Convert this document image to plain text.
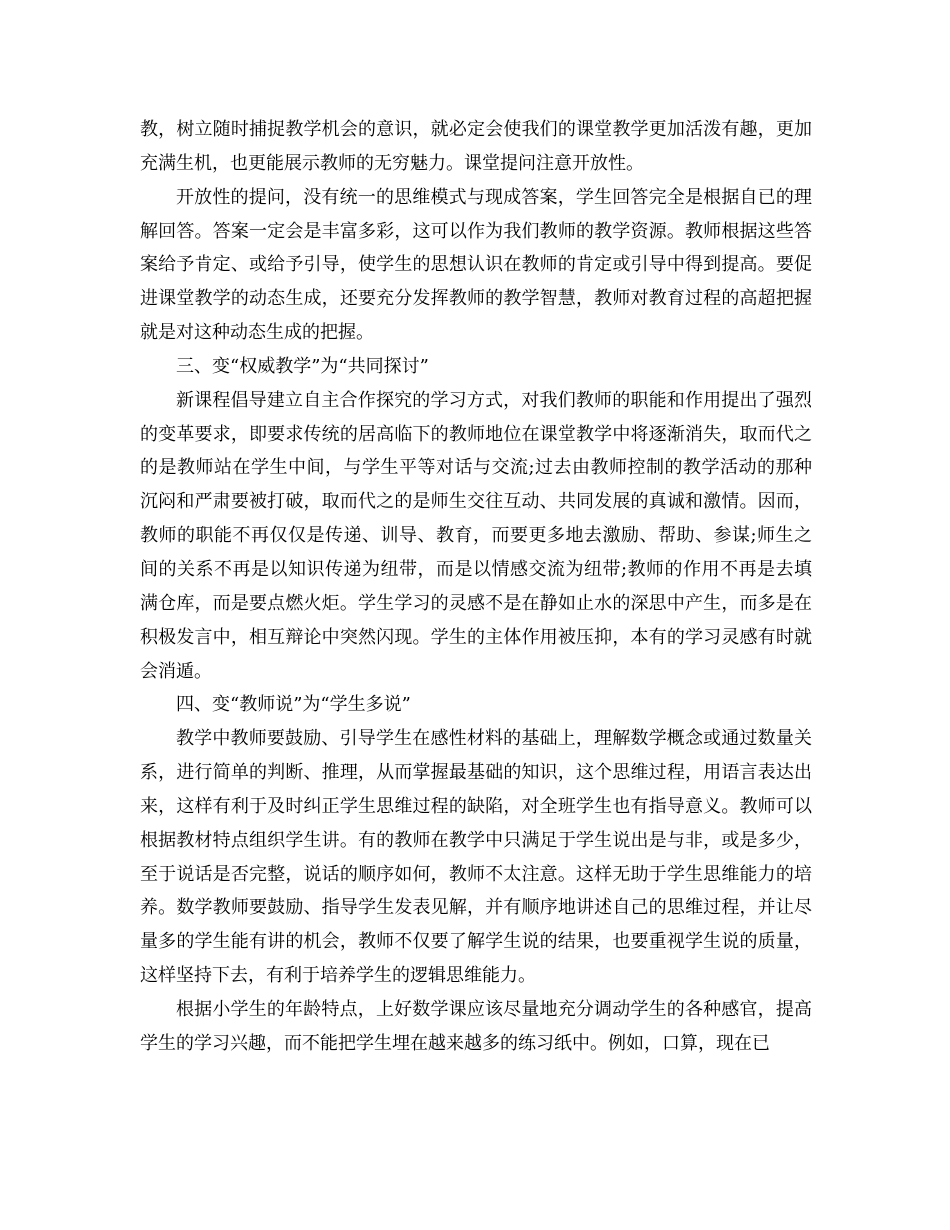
教，树立随时捕捉教学机会的意识，就必定会使我们的课堂教学更加活泼有趣，更加充满生机，也更能展示教师的无穷魅力。课堂提问注意开放性。

开放性的提问，没有统一的思维模式与现成答案，学生回答完全是根据自已的理解回答。答案一定会是丰富多彩，这可以作为我们教师的教学资源。教师根据这些答案给予肯定、或给予引导，使学生的思想认识在教师的肯定或引导中得到提高。要促进课堂教学的动态生成，还要充分发挥教师的教学智慧，教师对教育过程的高超把握就是对这种动态生成的把握。

三、变“权威教学”为“共同探讨”

新课程倡导建立自主合作探究的学习方式，对我们教师的职能和作用提出了强烈的变革要求，即要求传统的居高临下的教师地位在课堂教学中将逐渐消失，取而代之的是教师站在学生中间，与学生平等对话与交流;过去由教师控制的教学活动的那种沉闷和严肃要被打破，取而代之的是师生交往互动、共同发展的真诚和激情。因而，教师的职能不再仅仅是传递、训导、教育，而要更多地去激励、帮助、参谋;师生之间的关系不再是以知识传递为纽带，而是以情感交流为纽带;教师的作用不再是去填满仓库，而是要点燃火炬。学生学习的灵感不是在静如止水的深思中产生，而多是在积极发言中，相互辩论中突然闪现。学生的主体作用被压抑，本有的学习灵感有时就会消遁。

四、变“教师说”为“学生多说”

教学中教师要鼓励、引导学生在感性材料的基础上，理解数学概念或通过数量关系，进行简单的判断、推理，从而掌握最基础的知识，这个思维过程，用语言表达出来，这样有利于及时纠正学生思维过程的缺陷，对全班学生也有指导意义。教师可以根据教材特点组织学生讲。有的教师在教学中只满足于学生说出是与非，或是多少，至于说话是否完整，说话的顺序如何，教师不太注意。这样无助于学生思维能力的培养。数学教师要鼓励、指导学生发表见解，并有顺序地讲述自己的思维过程，并让尽量多的学生能有讲的机会，教师不仅要了解学生说的结果，也要重视学生说的质量，这样坚持下去，有利于培养学生的逻辑思维能力。

根据小学生的年龄特点，上好数学课应该尽量地充分调动学生的各种感官，提高学生的学习兴趣，而不能把学生埋在越来越多的练习纸中。例如，口算，现在已
